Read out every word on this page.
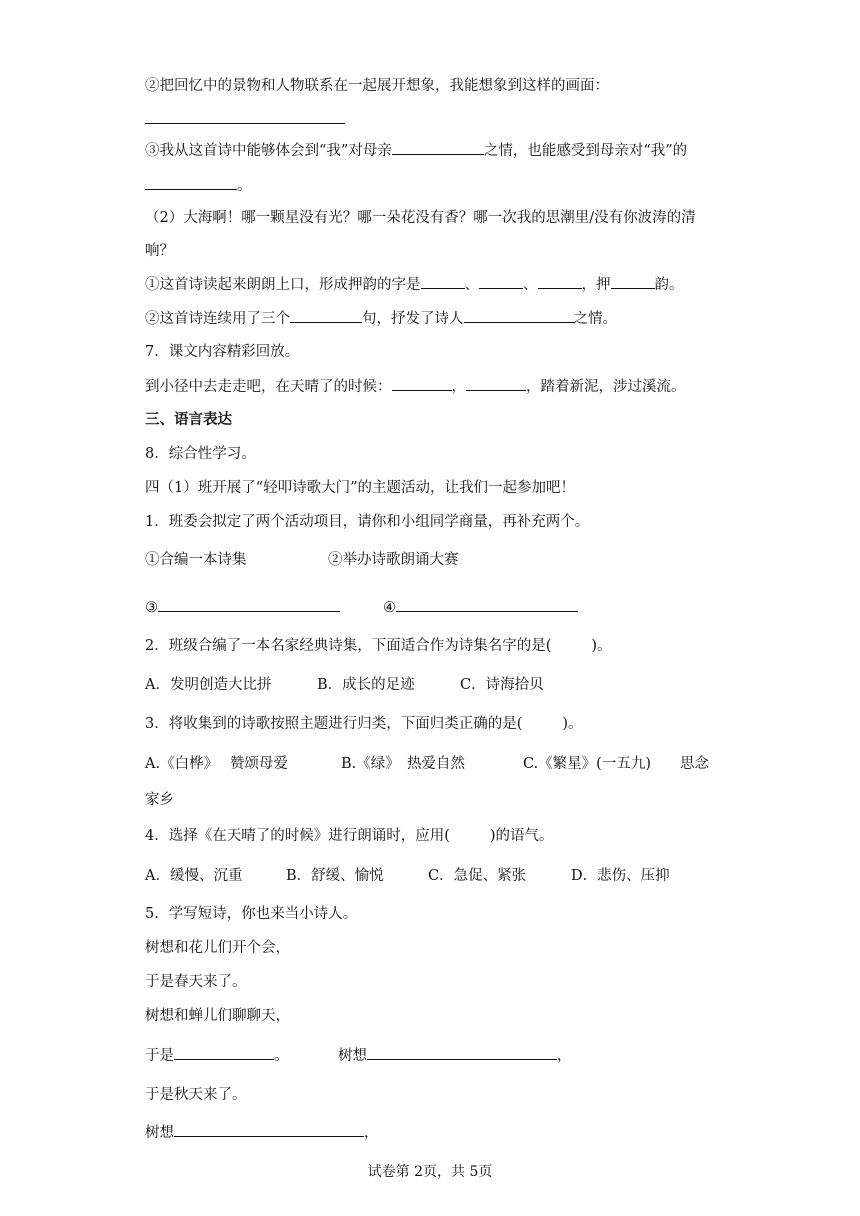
②把回忆中的景物和人物联系在一起展开想象，我能想象到这样的画面：
③我从这首诗中能够体会到“我”对母亲	之情，也能感受到母亲对“我”的
。
（2）大海啊！哪一颗星没有光？哪一朵花没有香？哪一次我的思潮里/没有你波涛的清
响？
①这首诗读起来朗朗上口，形成押韵的字是	、	、	，押	韵。
②这首诗连续用了三个	句，抒发了诗人	之情。
7．课文内容精彩回放。
到小径中去走走吧，在天晴了的时候：	，	，踏着新泥，涉过溪流。
三、语言表达
8．综合性学习。
四（1）班开展了“轻叩诗歌大门”的主题活动，让我们一起参加吧！
1．班委会拟定了两个活动项目，请你和小组同学商量，再补充两个。
①合编一本诗集	②举办诗歌朗诵大赛
③	④
2．班级合编了一本名家经典诗集，下面适合作为诗集名字的是(	)。
A．发明创造大比拼	B．成长的足迹	C．诗海拾贝
3．将收集到的诗歌按照主题进行归类，下面归类正确的是(	)。
A.《白桦》　 赞颂母爱	B.《绿》　热爱自然	C.《繁星》(一五九)　　思念
家乡
4．选择《在天晴了的时候》进行朗诵时，应用(	)的语气。
A．缓慢、沉重	B．舒缓、愉悦	C．急促、紧张	D．悲伤、压抑
5．学写短诗，你也来当小诗人。
树想和花儿们开个会，
于是春天来了。
树想和蝉儿们聊聊天，
于是	。	树想	，
于是秋天来了。
树想	，
试卷第 2页，共 5页
